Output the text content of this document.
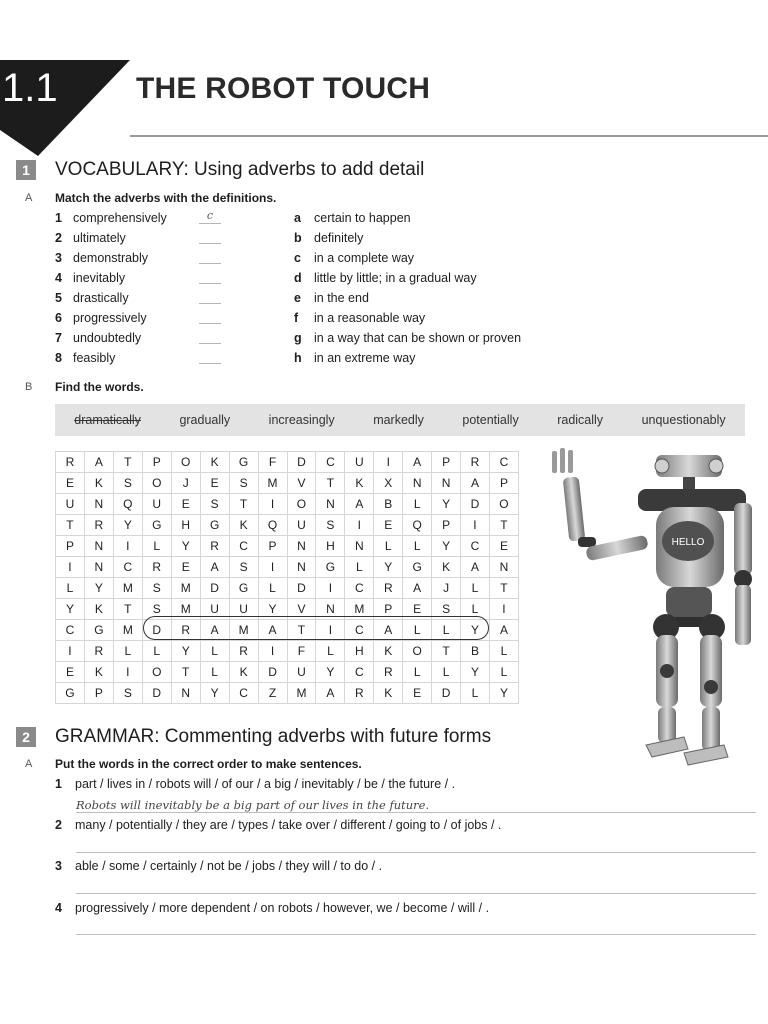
1.1	THE ROBOT TOUCH
1	VOCABULARY: Using adverbs to add detail
A Match the adverbs with the definitions.
1 comprehensively	c
2 ultimately
3 demonstrably
4 inevitably
5 drastically
6 progressively
7 undoubtedly
8 feasibly
a certain to happen
b definitely
c in a complete way
d little by little; in a gradual way
e in the end
f in a reasonable way
g in a way that can be shown or proven
h in an extreme way
B Find the words.
dramatically	gradually	increasingly	markedly	potentially	radically	unquestionably
R	A	T	P	O	K	G	F	D	C	U	I	A	P	R	C
E	K	S	O	J	E	S	M	V	T	K	X	N	N	A	P
U	N	Q	U	E	S	T	I	O	N	A	B	L	Y	D	O
T	R	Y	G	H	G	K	Q	U	S	I	E	Q	P	I	T
P	N	I	L	Y	R	C	P	N	H	N	L	L	Y	C	E
I	N	C	R	E	A	S	I	N	G	L	Y	G	K	A	N
L	Y	M	S	M	D	G	L	D	I	C	R	A	J	L	T
Y	K	T	S	M	U	U	Y	V	N	M	P	E	S	L	I
C	G	M	D	R	A	M	A	T	I	C	A	L	L	Y	A
I	R	L	L	Y	L	R	I	F	L	H	K	O	T	B	L
E	K	I	O	T	L	K	D	U	Y	C	R	L	L	Y	L
G	P	S	D	N	Y	C	Z	M	A	R	K	E	D	L	Y
HELLO
2	GRAMMAR: Commenting adverbs with future forms
A Put the words in the correct order to make sentences.
1 part / lives in / robots will / of our / a big / inevitably / be / the future / .
Robots will inevitably be a big part of our lives in the future.
2 many / potentially / they are / types / take over / different / going to / of jobs / .
3 able / some / certainly / not be / jobs / they will / to do / .
4 progressively / more dependent / on robots / however, we / become / will / .
